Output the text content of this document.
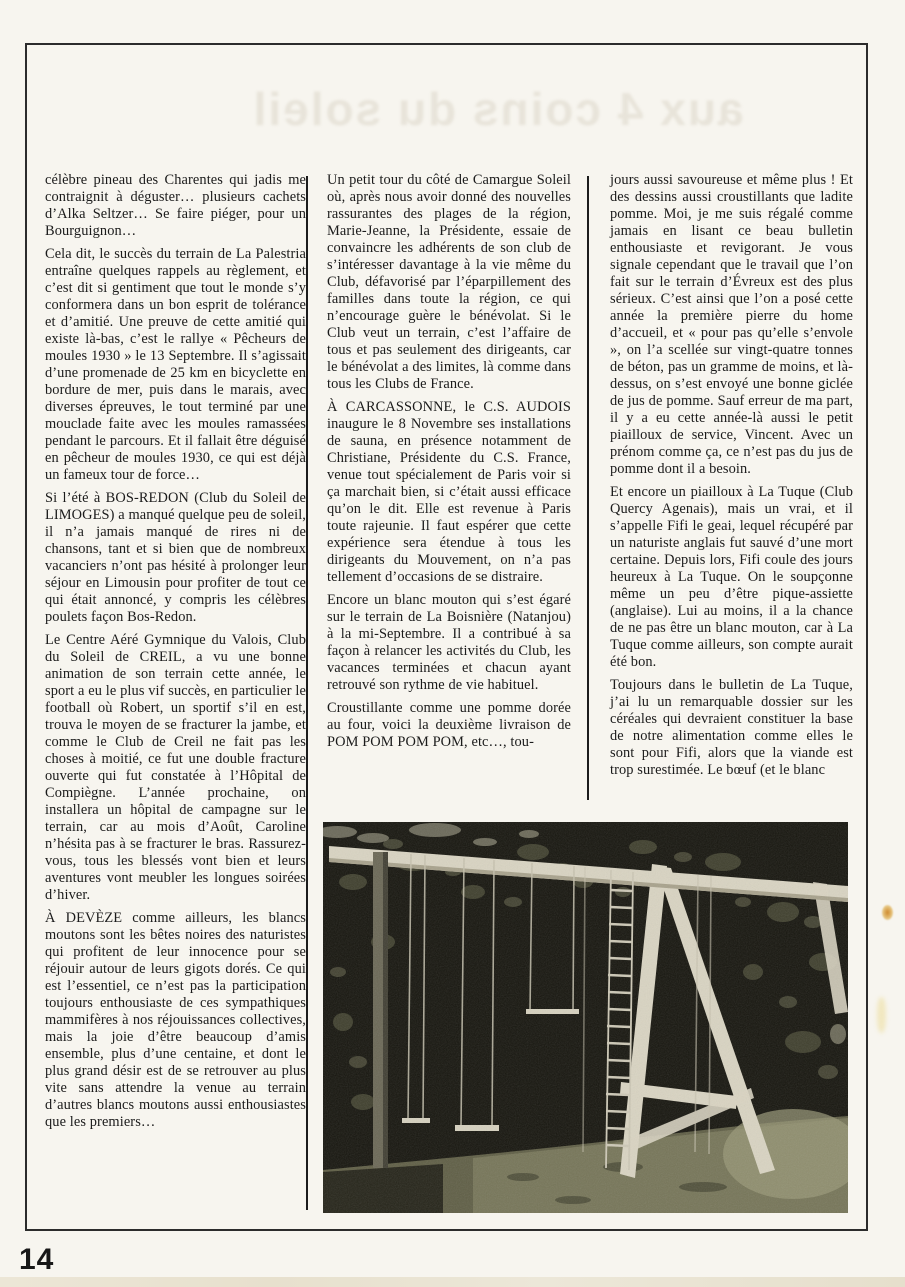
aux 4 coins du soleil

célèbre pineau des Charentes qui jadis me contraignit à déguster… plusieurs cachets d’Alka Seltzer… Se faire piéger, pour un Bourguignon…

Cela dit, le succès du terrain de La Palestria entraîne quelques rappels au règlement, et c’est dit si gentiment que tout le monde s’y conformera dans un bon esprit de tolérance et d’amitié. Une preuve de cette amitié qui existe là-bas, c’est le rallye « Pêcheurs de moules 1930 » le 13 Septembre. Il s’agissait d’une promenade de 25 km en bicyclette en bordure de mer, puis dans le marais, avec diverses épreuves, le tout terminé par une mouclade faite avec les moules ramassées pendant le parcours. Et il fallait être déguisé en pêcheur de moules 1930, ce qui est déjà un fameux tour de force…

Si l’été à BOS-REDON (Club du Soleil de LIMOGES) a manqué quelque peu de soleil, il n’a jamais manqué de rires ni de chansons, tant et si bien que de nombreux vacanciers n’ont pas hésité à prolonger leur séjour en Limousin pour profiter de tout ce qui était annoncé, y compris les célèbres poulets façon Bos-Redon.

Le Centre Aéré Gymnique du Valois, Club du Soleil de CREIL, a vu une bonne animation de son terrain cette année, le sport a eu le plus vif succès, en particulier le football où Robert, un sportif s’il en est, trouva le moyen de se fracturer la jambe, et comme le Club de Creil ne fait pas les choses à moitié, ce fut une double fracture ouverte qui fut constatée à l’Hôpital de Compiègne. L’année prochaine, on installera un hôpital de campagne sur le terrain, car au mois d’Août, Caroline n’hésita pas à se fracturer le bras. Rassurez-vous, tous les blessés vont bien et leurs aventures vont meubler les longues soirées d’hiver.

À DEVÈZE comme ailleurs, les blancs moutons sont les bêtes noires des naturistes qui profitent de leur innocence pour se réjouir autour de leurs gigots dorés. Ce qui est l’essentiel, ce n’est pas la participation toujours enthousiaste de ces sympathiques mammifères à nos réjouissances collectives, mais la joie d’être beaucoup d’amis ensemble, plus d’une centaine, et dont le plus grand désir est de se retrouver au plus vite sans attendre la venue au terrain d’autres blancs moutons aussi enthousiastes que les premiers…

Un petit tour du côté de Camargue Soleil où, après nous avoir donné des nouvelles rassurantes des plages de la région, Marie-Jeanne, la Présidente, essaie de convaincre les adhérents de son club de s’intéresser davantage à la vie même du Club, défavorisé par l’éparpillement des familles dans toute la région, ce qui n’encourage guère le bénévolat. Si le Club veut un terrain, c’est l’affaire de tous et pas seulement des dirigeants, car le bénévolat a des limites, là comme dans tous les Clubs de France.

À CARCASSONNE, le C.S. AUDOIS inaugure le 8 Novembre ses installations de sauna, en présence notamment de Christiane, Présidente du C.S. France, venue tout spécialement de Paris voir si ça marchait bien, si c’était aussi efficace qu’on le dit. Elle est revenue à Paris toute rajeunie. Il faut espérer que cette expérience sera étendue à tous les dirigeants du Mouvement, on n’a pas tellement d’occasions de se distraire.

Encore un blanc mouton qui s’est égaré sur le terrain de La Boisnière (Natanjou) à la mi-Septembre. Il a contribué à sa façon à relancer les activités du Club, les vacances terminées et chacun ayant retrouvé son rythme de vie habituel.

Croustillante comme une pomme dorée au four, voici la deuxième livraison de POM POM POM POM, etc…, tou-

jours aussi savoureuse et même plus ! Et des dessins aussi croustillants que ladite pomme. Moi, je me suis régalé comme jamais en lisant ce beau bulletin enthousiaste et revigorant. Je vous signale cependant que le travail que l’on fait sur le terrain d’Évreux est des plus sérieux. C’est ainsi que l’on a posé cette année la première pierre du home d’accueil, et « pour pas qu’elle s’envole », on l’a scellée sur vingt-quatre tonnes de béton, pas un gramme de moins, et là-dessus, on s’est envoyé une bonne giclée de jus de pomme. Sauf erreur de ma part, il y a eu cette année-là aussi le petit piailloux de service, Vincent. Avec un prénom comme ça, ce n’est pas du jus de pomme dont il a besoin.

Et encore un piailloux à La Tuque (Club Quercy Agenais), mais un vrai, et il s’appelle Fifi le geai, lequel récupéré par un naturiste anglais fut sauvé d’une mort certaine. Depuis lors, Fifi coule des jours heureux à La Tuque. On le soupçonne même un peu d’être pique-assiette (anglaise). Lui au moins, il a la chance de ne pas être un blanc mouton, car à La Tuque comme ailleurs, son compte aurait été bon.

Toujours dans le bulletin de La Tuque, j’ai lu un remarquable dossier sur les céréales qui devraient constituer la base de notre alimentation comme elles le sont pour Fifi, alors que la viande est trop surestimée. Le bœuf (et le blanc

14
